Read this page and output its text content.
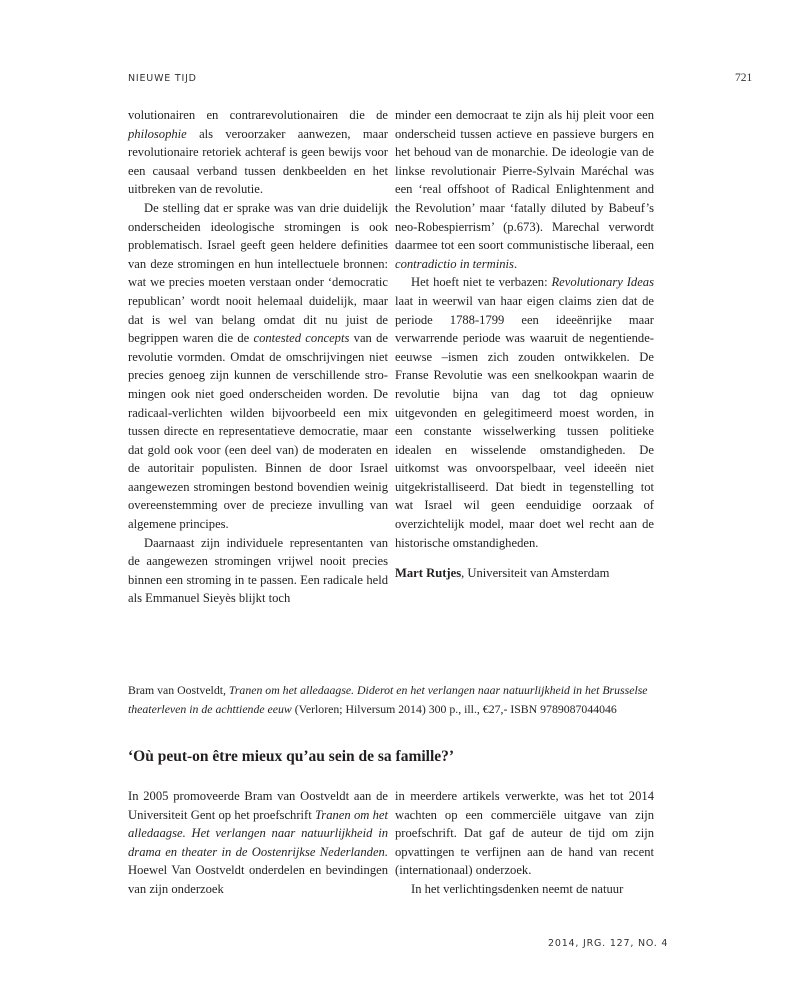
NIEUWE TIJD	721

volutionairen en contrarevolutionairen die de philosophie als veroorzaker aanwezen, maar revolutionaire retoriek achteraf is geen bewijs voor een causaal verband tussen denkbeelden en het uitbreken van de revolutie.

De stelling dat er sprake was van drie duidelijk onderscheiden ideologische stromingen is ook problematisch. Israel geeft geen heldere definities van deze stromingen en hun intellectuele bronnen: wat we precies moeten verstaan onder ‘democratic republican’ wordt nooit helemaal duidelijk, maar dat is wel van belang omdat dit nu juist de begrippen waren die de contested concepts van de revolutie vormden. Omdat de omschrijvingen niet precies genoeg zijn kunnen de verschillende stromingen ook niet goed onderscheiden worden. De radicaal-verlichten wilden bijvoorbeeld een mix tussen directe en representatieve democratie, maar dat gold ook voor (een deel van) de moderaten en de autoritair populisten. Binnen de door Israel aangewezen stromingen bestond bovendien weinig overeenstemming over de precieze invulling van algemene principes.

Daarnaast zijn individuele representanten van de aangewezen stromingen vrijwel nooit precies binnen een stroming in te passen. Een radicale held als Emmanuel Sieyès blijkt toch

minder een democraat te zijn als hij pleit voor een onderscheid tussen actieve en passieve burgers en het behoud van de monarchie. De ideologie van de linkse revolutionair Pierre-Sylvain Maréchal was een ‘real offshoot of Radical Enlightenment and the Revolution’ maar ‘fatally diluted by Babeuf’s neo-Robespierrism’ (p.673). Marechal verwordt daarmee tot een soort communistische liberaal, een contradictio in terminis.

Het hoeft niet te verbazen: Revolutionary Ideas laat in weerwil van haar eigen claims zien dat de periode 1788-1799 een ideeënrijke maar verwarrende periode was waaruit de negentiende-eeuwse –ismen zich zouden ontwikkelen. De Franse Revolutie was een snelkookpan waarin de revolutie bijna van dag tot dag opnieuw uitgevonden en gelegitimeerd moest worden, in een constante wisselwerking tussen politieke idealen en wisselende omstandigheden. De uitkomst was onvoorspelbaar, veel ideeën niet uitgekristalliseerd. Dat biedt in tegenstelling tot wat Israel wil geen eenduidige oorzaak of overzichtelijk model, maar doet wel recht aan de historische omstandigheden.

Mart Rutjes, Universiteit van Amsterdam

Bram van Oostveldt, Tranen om het alledaagse. Diderot en het verlangen naar natuurlijkheid in het Brusselse theaterleven in de achttiende eeuw (Verloren; Hilversum 2014) 300 p., ill., €27,- ISBN 9789087044046
‘Où peut-on être mieux qu’au sein de sa famille?’

In 2005 promoveerde Bram van Oostveldt aan de Universiteit Gent op het proefschrift Tranen om het alledaagse. Het verlangen naar natuurlijkheid in drama en theater in de Oostenrijkse Nederlanden. Hoewel Van Oostveldt onderdelen en bevindingen van zijn onderzoek

in meerdere artikels verwerkte, was het tot 2014 wachten op een commerciële uitgave van zijn proefschrift. Dat gaf de auteur de tijd om zijn opvattingen te verfijnen aan de hand van recent (internationaal) onderzoek.

In het verlichtingsdenken neemt de natuur

2014, JRG. 127, NO. 4
